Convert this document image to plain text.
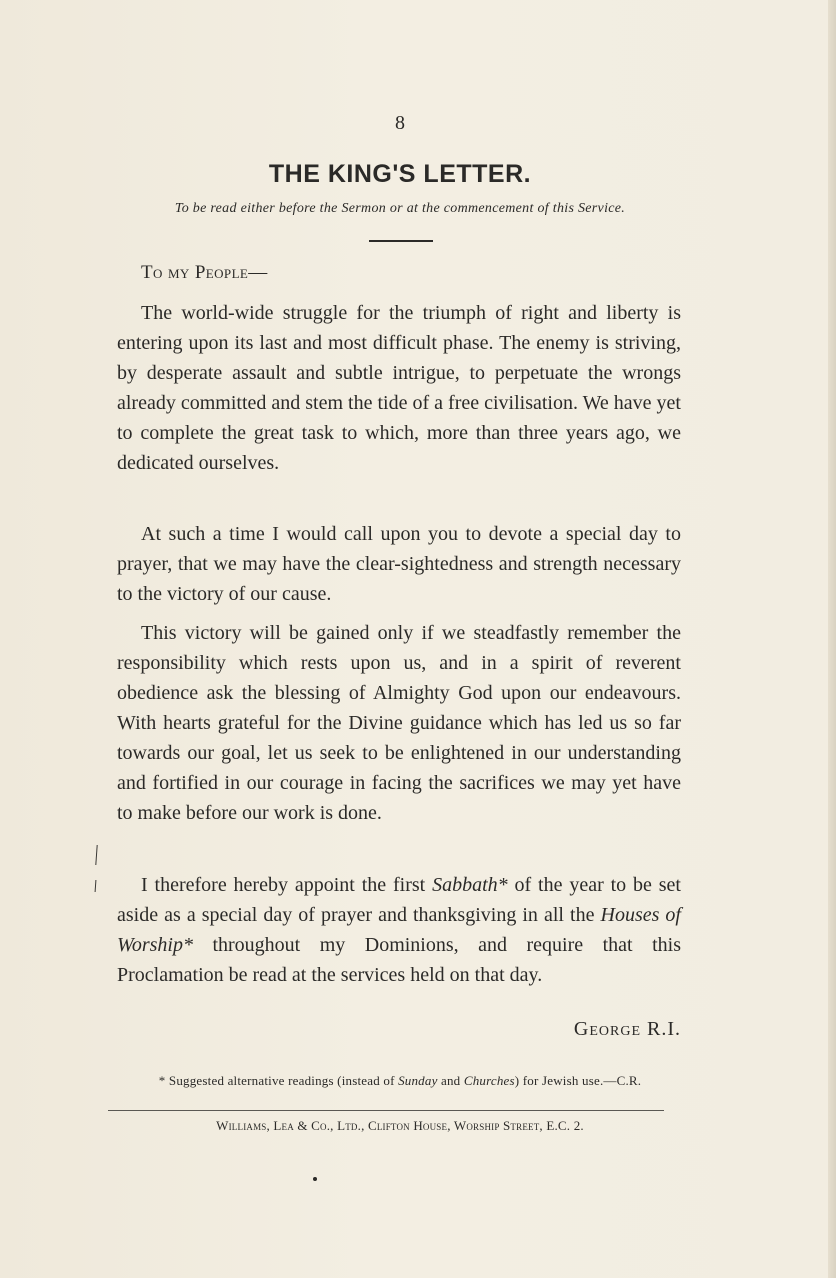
8
THE KING'S LETTER.
To be read either before the Sermon or at the commencement of this Service.
To my People—
The world-wide struggle for the triumph of right and liberty is entering upon its last and most difficult phase. The enemy is striving, by desperate assault and subtle intrigue, to perpetuate the wrongs already committed and stem the tide of a free civilisation. We have yet to complete the great task to which, more than three years ago, we dedicated ourselves.
At such a time I would call upon you to devote a special day to prayer, that we may have the clear-sightedness and strength necessary to the victory of our cause.
This victory will be gained only if we steadfastly remember the responsibility which rests upon us, and in a spirit of reverent obedience ask the blessing of Almighty God upon our endeavours. With hearts grateful for the Divine guidance which has led us so far towards our goal, let us seek to be enlightened in our understanding and fortified in our courage in facing the sacrifices we may yet have to make before our work is done.
I therefore hereby appoint the first Sabbath* of the year to be set aside as a special day of prayer and thanksgiving in all the Houses of Worship* throughout my Dominions, and require that this Proclamation be read at the services held on that day.
George R.I.
* Suggested alternative readings (instead of Sunday and Churches) for Jewish use.—C.R.
Williams, Lea & Co., Ltd., Clifton House, Worship Street, E.C. 2.
